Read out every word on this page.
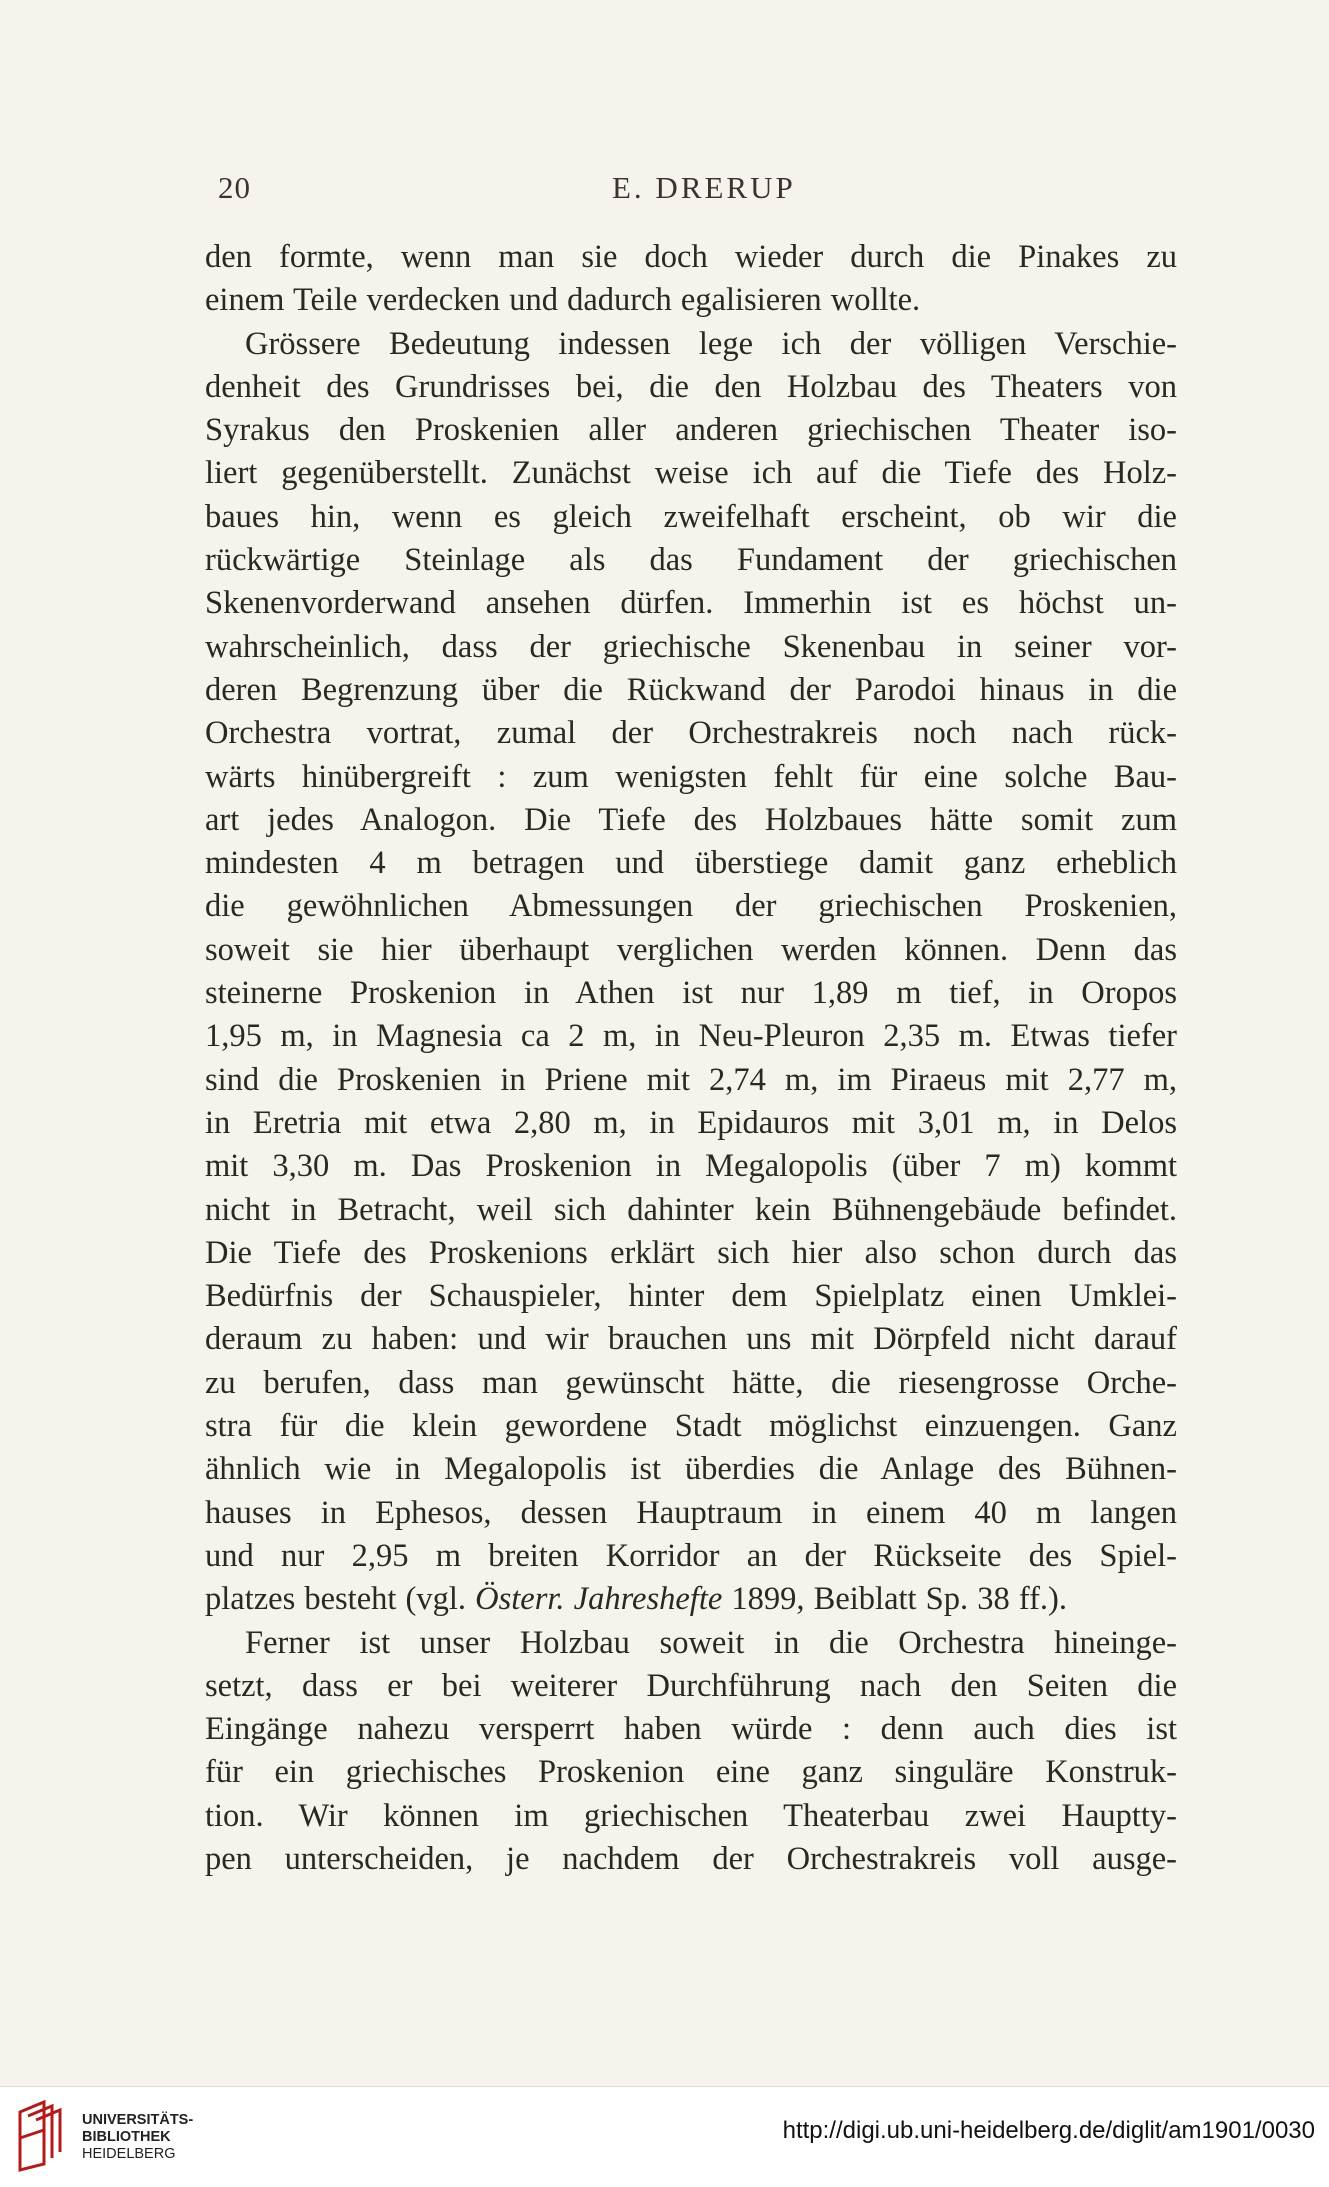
20	E. DRERUP
den formte, wenn man sie doch wieder durch die Pinakes zu
einem Teile verdecken und dadurch egalisieren wollte.
Grössere Bedeutung indessen lege ich der völligen Verschie-
denheit des Grundrisses bei, die den Holzbau des Theaters von
Syrakus den Proskenien aller anderen griechischen Theater iso-
liert gegenüberstellt. Zunächst weise ich auf die Tiefe des Holz-
baues hin, wenn es gleich zweifelhaft erscheint, ob wir die
rückwärtige Steinlage als das Fundament der griechischen
Skenenvorderwand ansehen dürfen. Immerhin ist es höchst un-
wahrscheinlich, dass der griechische Skenenbau in seiner vor-
deren Begrenzung über die Rückwand der Parodoi hinaus in die
Orchestra vortrat, zumal der Orchestrakreis noch nach rück-
wärts hinübergreift : zum wenigsten fehlt für eine solche Bau-
art jedes Analogon. Die Tiefe des Holzbaues hätte somit zum
mindesten 4 m betragen und überstiege damit ganz erheblich
die gewöhnlichen Abmessungen der griechischen Proskenien,
soweit sie hier überhaupt verglichen werden können. Denn das
steinerne Proskenion in Athen ist nur 1,89 m tief, in Oropos
1,95 m, in Magnesia ca 2 m, in Neu-Pleuron 2,35 m. Etwas tiefer
sind die Proskenien in Priene mit 2,74 m, im Piraeus mit 2,77 m,
in Eretria mit etwa 2,80 m, in Epidauros mit 3,01 m, in Delos
mit 3,30 m. Das Proskenion in Megalopolis (über 7 m) kommt
nicht in Betracht, weil sich dahinter kein Bühnengebäude befindet.
Die Tiefe des Proskenions erklärt sich hier also schon durch das
Bedürfnis der Schauspieler, hinter dem Spielplatz einen Umklei-
deraum zu haben: und wir brauchen uns mit Dörpfeld nicht darauf
zu berufen, dass man gewünscht hätte, die riesengrosse Orche-
stra für die klein gewordene Stadt möglichst einzuengen. Ganz
ähnlich wie in Megalopolis ist überdies die Anlage des Bühnen-
hauses in Ephesos, dessen Hauptraum in einem 40 m langen
und nur 2,95 m breiten Korridor an der Rückseite des Spiel-
platzes besteht (vgl. Österr. Jahreshefte 1899, Beiblatt Sp. 38 ff.).
Ferner ist unser Holzbau soweit in die Orchestra hineinge-
setzt, dass er bei weiterer Durchführung nach den Seiten die
Eingänge nahezu versperrt haben würde : denn auch dies ist
für ein griechisches Proskenion eine ganz singuläre Konstruk-
tion. Wir können im griechischen Theaterbau zwei Hauptty-
pen unterscheiden, je nachdem der Orchestrakreis voll ausge-
UNIVERSITÄTS-
BIBLIOTHEK
HEIDELBERG
http://digi.ub.uni-heidelberg.de/diglit/am1901/0030
